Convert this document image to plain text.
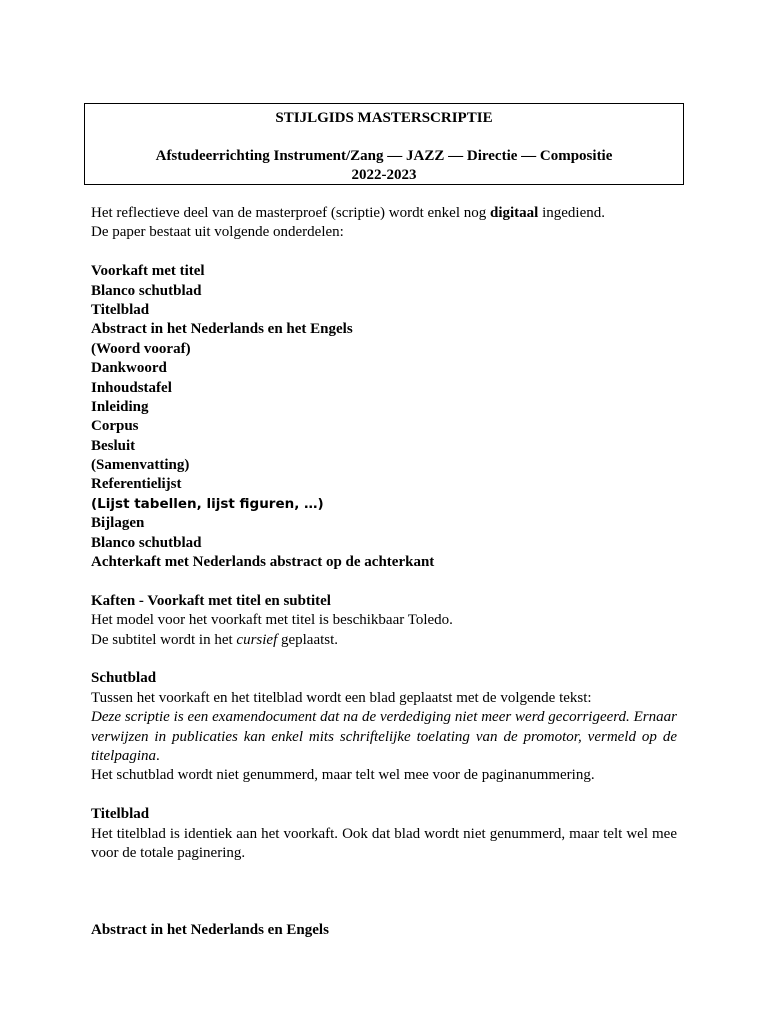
STIJLGIDS MASTERSCRIPTIE
Afstudeerrichting Instrument/Zang — JAZZ — Directie — Compositie
2022-2023
Het reflectieve deel van de masterproef (scriptie) wordt enkel nog digitaal ingediend.
De paper bestaat uit volgende onderdelen:
Voorkaft met titel
Blanco schutblad
Titelblad
Abstract in het Nederlands en het Engels
(Woord vooraf)
Dankwoord
Inhoudstafel
Inleiding
Corpus
Besluit
(Samenvatting)
Referentielijst
(Lijst tabellen, lijst figuren, …)
Bijlagen
Blanco schutblad
Achterkaft met Nederlands abstract op de achterkant
Kaften - Voorkaft met titel en subtitel
Het model voor het voorkaft met titel is beschikbaar Toledo.
De subtitel wordt in het cursief geplaatst.
Schutblad
Tussen het voorkaft en het titelblad wordt een blad geplaatst met de volgende tekst:
Deze scriptie is een examendocument dat na de verdediging niet meer werd gecorrigeerd. Ernaar verwijzen in publicaties kan enkel mits schriftelijke toelating van de promotor, vermeld op de titelpagina.
Het schutblad wordt niet genummerd, maar telt wel mee voor de paginanummering.
Titelblad
Het titelblad is identiek aan het voorkaft. Ook dat blad wordt niet genummerd, maar telt wel mee voor de totale paginering.
Abstract in het Nederlands en Engels
